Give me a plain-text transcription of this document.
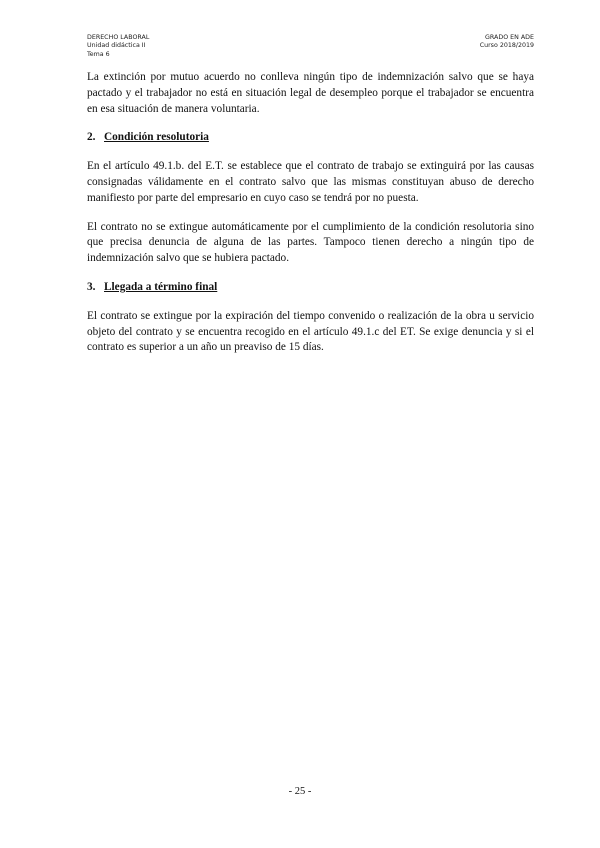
DERECHO LABORAL
Unidad didáctica II
Tema 6
GRADO EN ADE
Curso 2018/2019

La extinción por mutuo acuerdo no conlleva ningún tipo de indemnización salvo que se haya pactado y el trabajador no está en situación legal de desempleo porque el trabajador se encuentra en esa situación de manera voluntaria.

2. Condición resolutoria

En el artículo 49.1.b. del E.T. se establece que el contrato de trabajo se extinguirá por las causas consignadas válidamente en el contrato salvo que las mismas constituyan abuso de derecho manifiesto por parte del empresario en cuyo caso se tendrá por no puesta.

El contrato no se extingue automáticamente por el cumplimiento de la condición resolutoria sino que precisa denuncia de alguna de las partes. Tampoco tienen derecho a ningún tipo de indemnización salvo que se hubiera pactado.

3. Llegada a término final

El contrato se extingue por la expiración del tiempo convenido o realización de la obra u servicio objeto del contrato y se encuentra recogido en el artículo 49.1.c del ET. Se exige denuncia y si el contrato es superior a un año un preaviso de 15 días.

- 25 -
